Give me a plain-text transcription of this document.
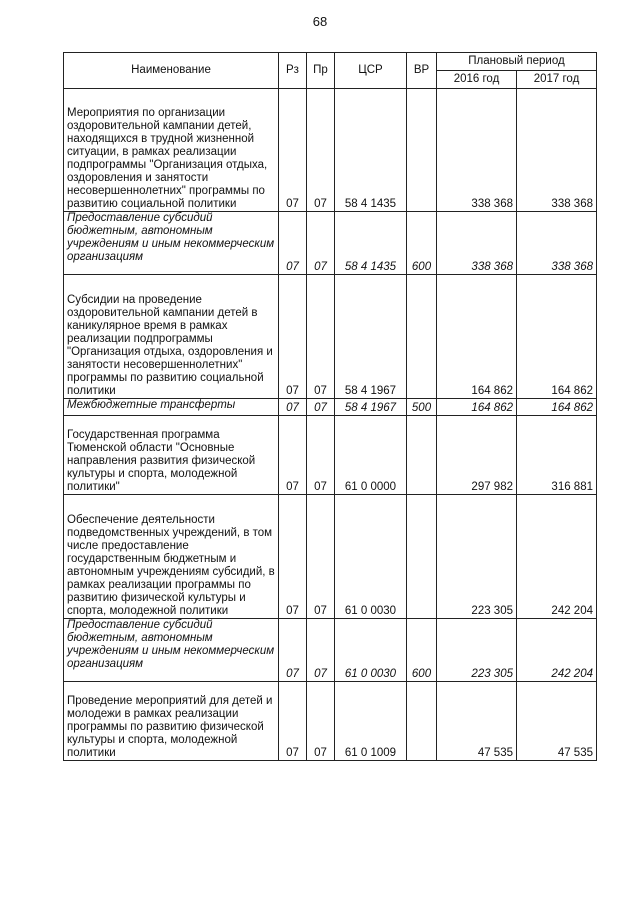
68
Наименование	Рз	Пр	ЦСР	ВР	Плановый период	
					2016 год	2017 год
Мероприятия по организации оздоровительной кампании детей, находящихся в трудной жизненной ситуации, в рамках реализации подпрограммы "Организация отдыха, оздоровления и занятости несовершеннолетних" программы по развитию социальной политики	07	07	58 4 1435		338 368	338 368
Предоставление субсидий бюджетным, автономным учреждениям и иным некоммерческим организациям	07	07	58 4 1435	600	338 368	338 368
Субсидии на проведение оздоровительной кампании детей в каникулярное время в рамках реализации подпрограммы "Организация отдыха, оздоровления и занятости несовершеннолетних" программы по развитию социальной политики	07	07	58 4 1967		164 862	164 862
Межбюджетные трансферты	07	07	58 4 1967	500	164 862	164 862
Государственная программа Тюменской области "Основные направления развития физической культуры и спорта, молодежной политики"	07	07	61 0 0000		297 982	316 881
Обеспечение деятельности подведомственных учреждений, в том числе предоставление государственным бюджетным и автономным учреждениям субсидий, в рамках реализации программы по развитию физической культуры и спорта, молодежной политики	07	07	61 0 0030		223 305	242 204
Предоставление субсидий бюджетным, автономным учреждениям и иным некоммерческим организациям	07	07	61 0 0030	600	223 305	242 204
Проведение мероприятий для детей и молодежи в рамках реализации программы по развитию физической культуры и спорта, молодежной политики	07	07	61 0 1009		47 535	47 535
